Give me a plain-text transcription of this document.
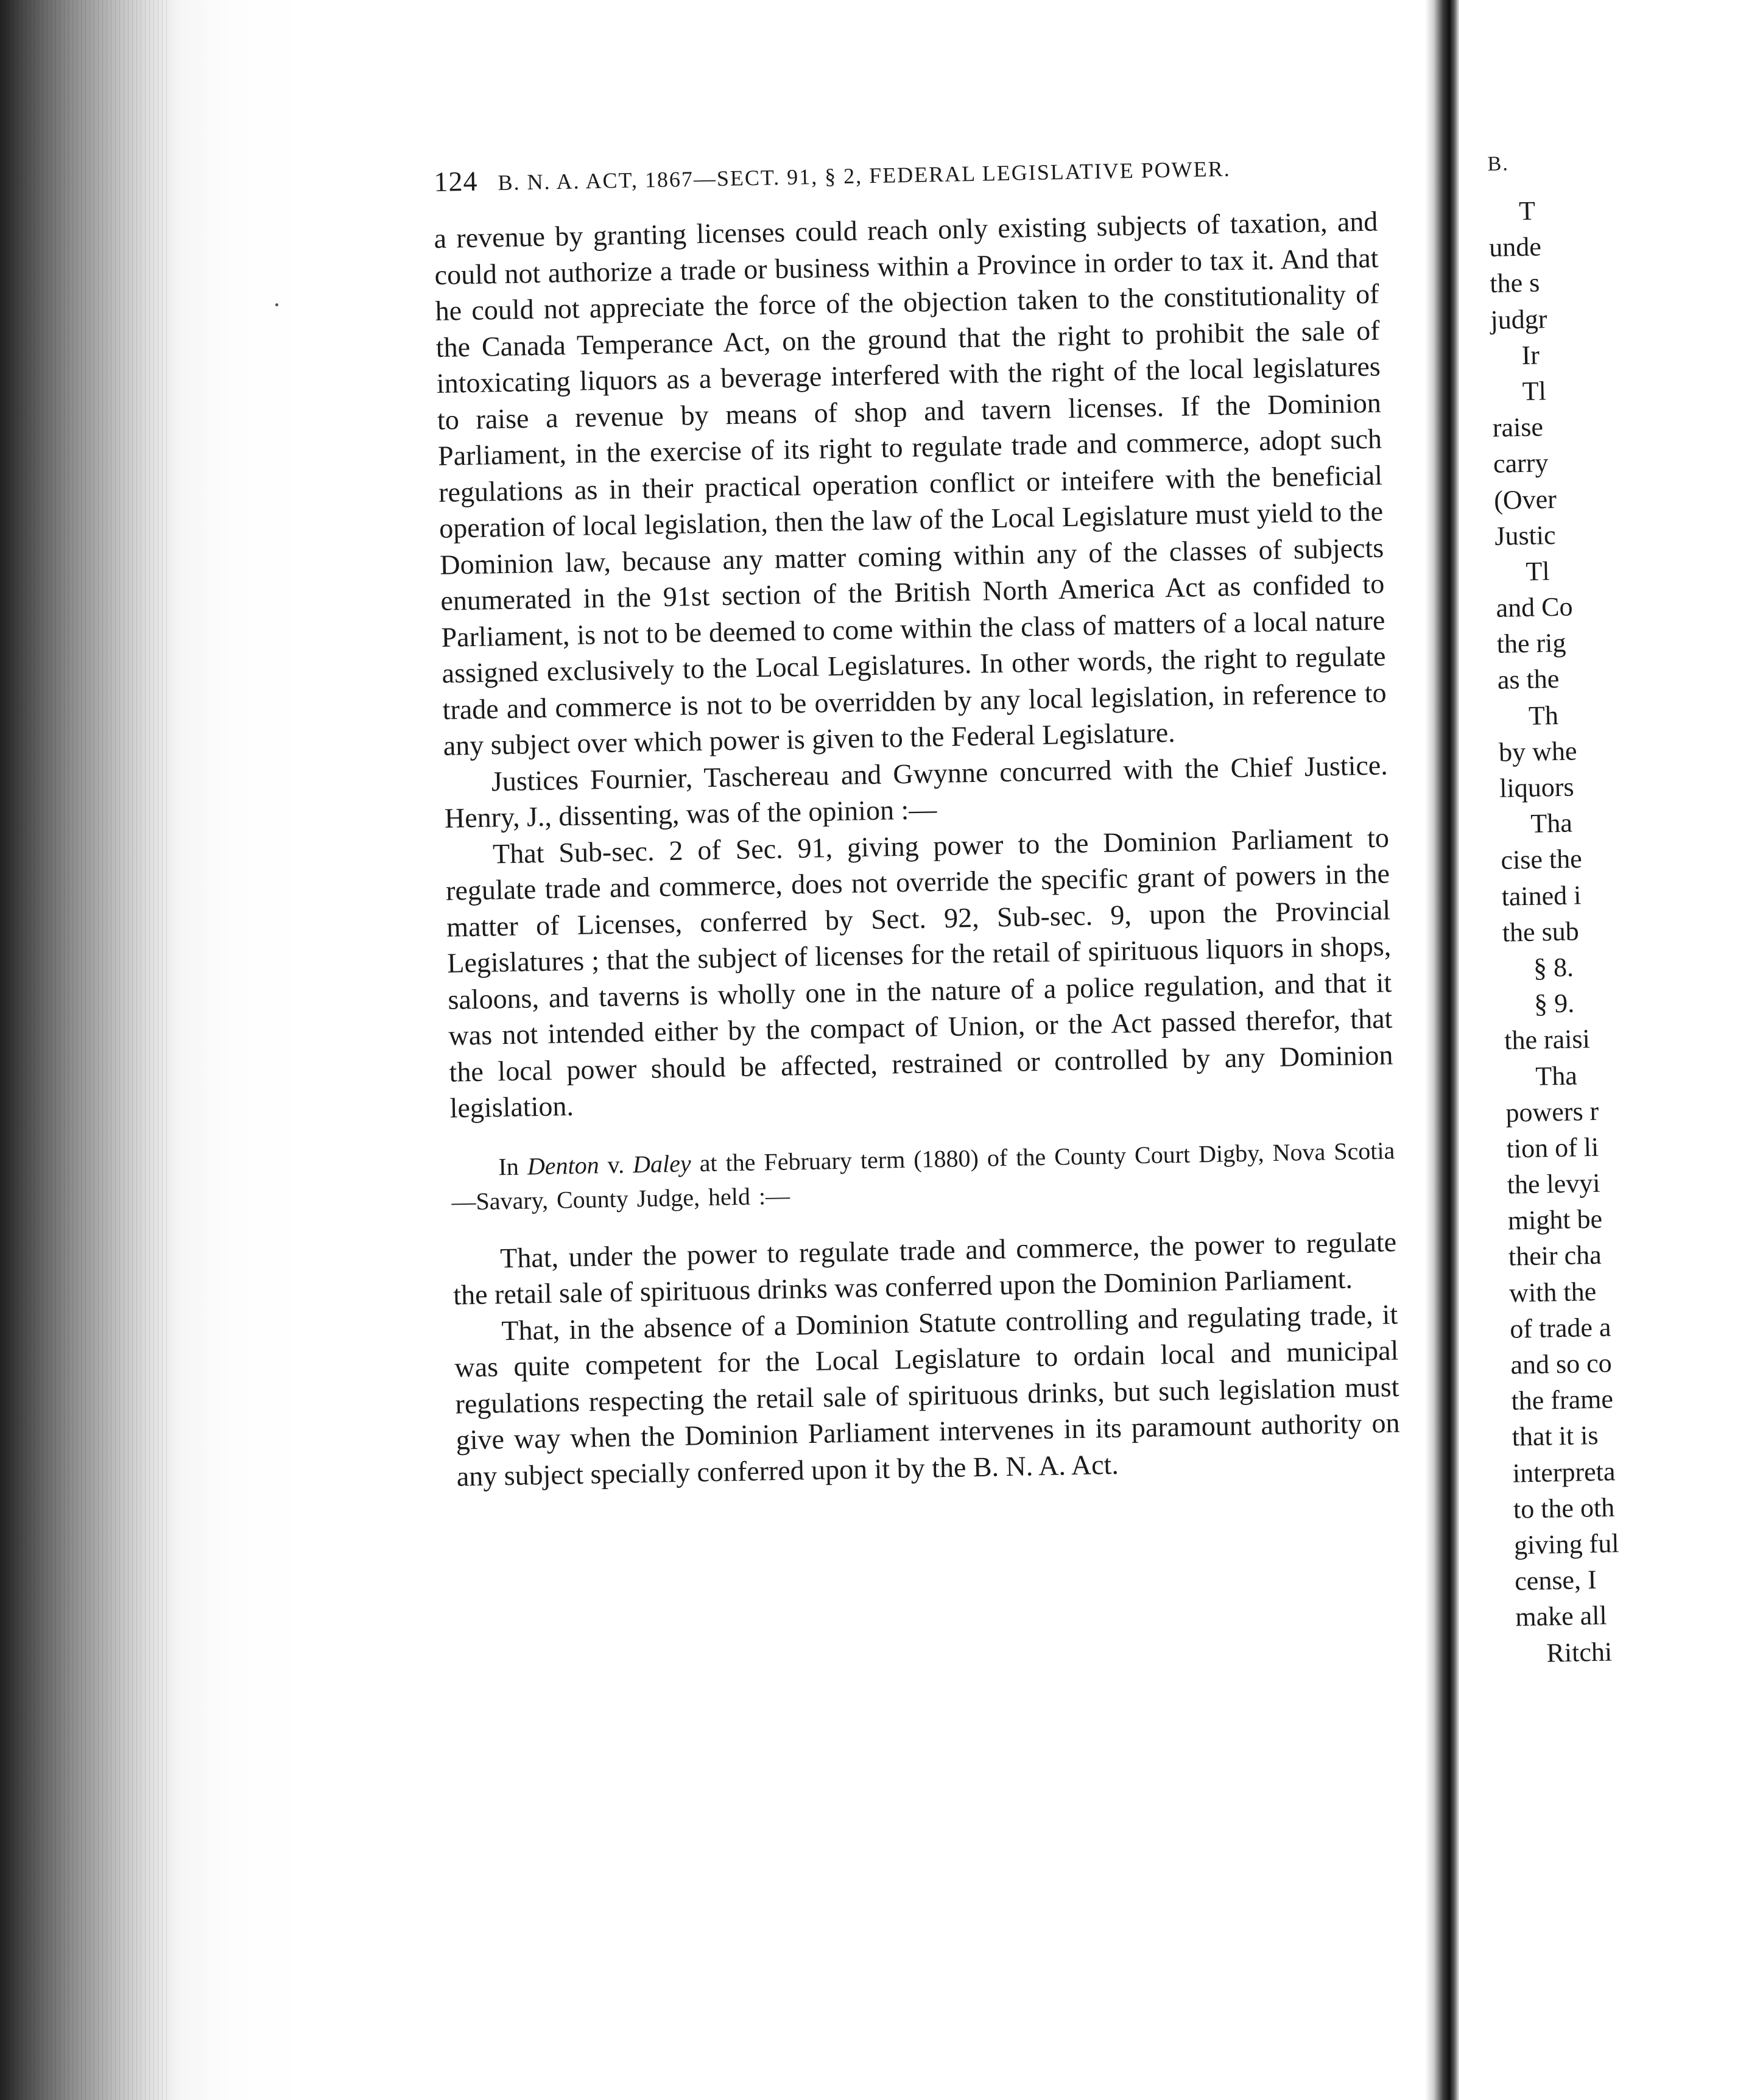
124 B. N. A. ACT, 1867—SECT. 91, § 2, FEDERAL LEGISLATIVE POWER.

a revenue by granting licenses could reach only existing subjects of taxation, and could not authorize a trade or business within a Province in order to tax it. And that he could not appreciate the force of the objection taken to the constitutionality of the Canada Temperance Act, on the ground that the right to prohibit the sale of intoxicating liquors as a beverage interfered with the right of the local legislatures to raise a revenue by means of shop and tavern licenses. If the Dominion Parliament, in the exercise of its right to regulate trade and commerce, adopt such regulations as in their practical operation conflict or inteifere with the beneficial operation of local legislation, then the law of the Local Legislature must yield to the Dominion law, because any matter coming within any of the classes of subjects enumerated in the 91st section of the British North America Act as confided to Parliament, is not to be deemed to come within the class of matters of a local nature assigned exclusively to the Local Legislatures. In other words, the right to regulate trade and commerce is not to be overridden by any local legislation, in reference to any subject over which power is given to the Federal Legislature.

Justices Fournier, Taschereau and Gwynne concurred with the Chief Justice. Henry, J., dissenting, was of the opinion :—

That Sub-sec. 2 of Sec. 91, giving power to the Dominion Parliament to regulate trade and commerce, does not override the specific grant of powers in the matter of Licenses, conferred by Sect. 92, Sub-sec. 9, upon the Provincial Legislatures ; that the subject of licenses for the retail of spirituous liquors in shops, saloons, and taverns is wholly one in the nature of a police regulation, and that it was not intended either by the compact of Union, or the Act passed therefor, that the local power should be affected, restrained or controlled by any Dominion legislation.

In Denton v. Daley at the February term (1880) of the County Court Digby, Nova Scotia —Savary, County Judge, held :—

That, under the power to regulate trade and commerce, the power to regulate the retail sale of spirituous drinks was conferred upon the Dominion Parliament.

That, in the absence of a Dominion Statute controlling and regulating trade, it was quite competent for the Local Legislature to ordain local and municipal regulations respecting the retail sale of spirituous drinks, but such legislation must give way when the Dominion Parliament intervenes in its paramount authority on any subject specially conferred upon it by the B. N. A. Act.

B.
T
unde
the s
judgr
Ir
Tl
raise
carry
(Over
Justic
Tl
and Co
the rig
as the
Th
by whe
liquors
Tha
cise the
tained i
the sub
§ 8.
§ 9.
the raisi
Tha
powers r
tion of li
the levyi
might be
their cha
with the
of trade a
and so co
the frame
that it is
interpreta
to the oth
giving ful
cense, I
make all
Ritchi
